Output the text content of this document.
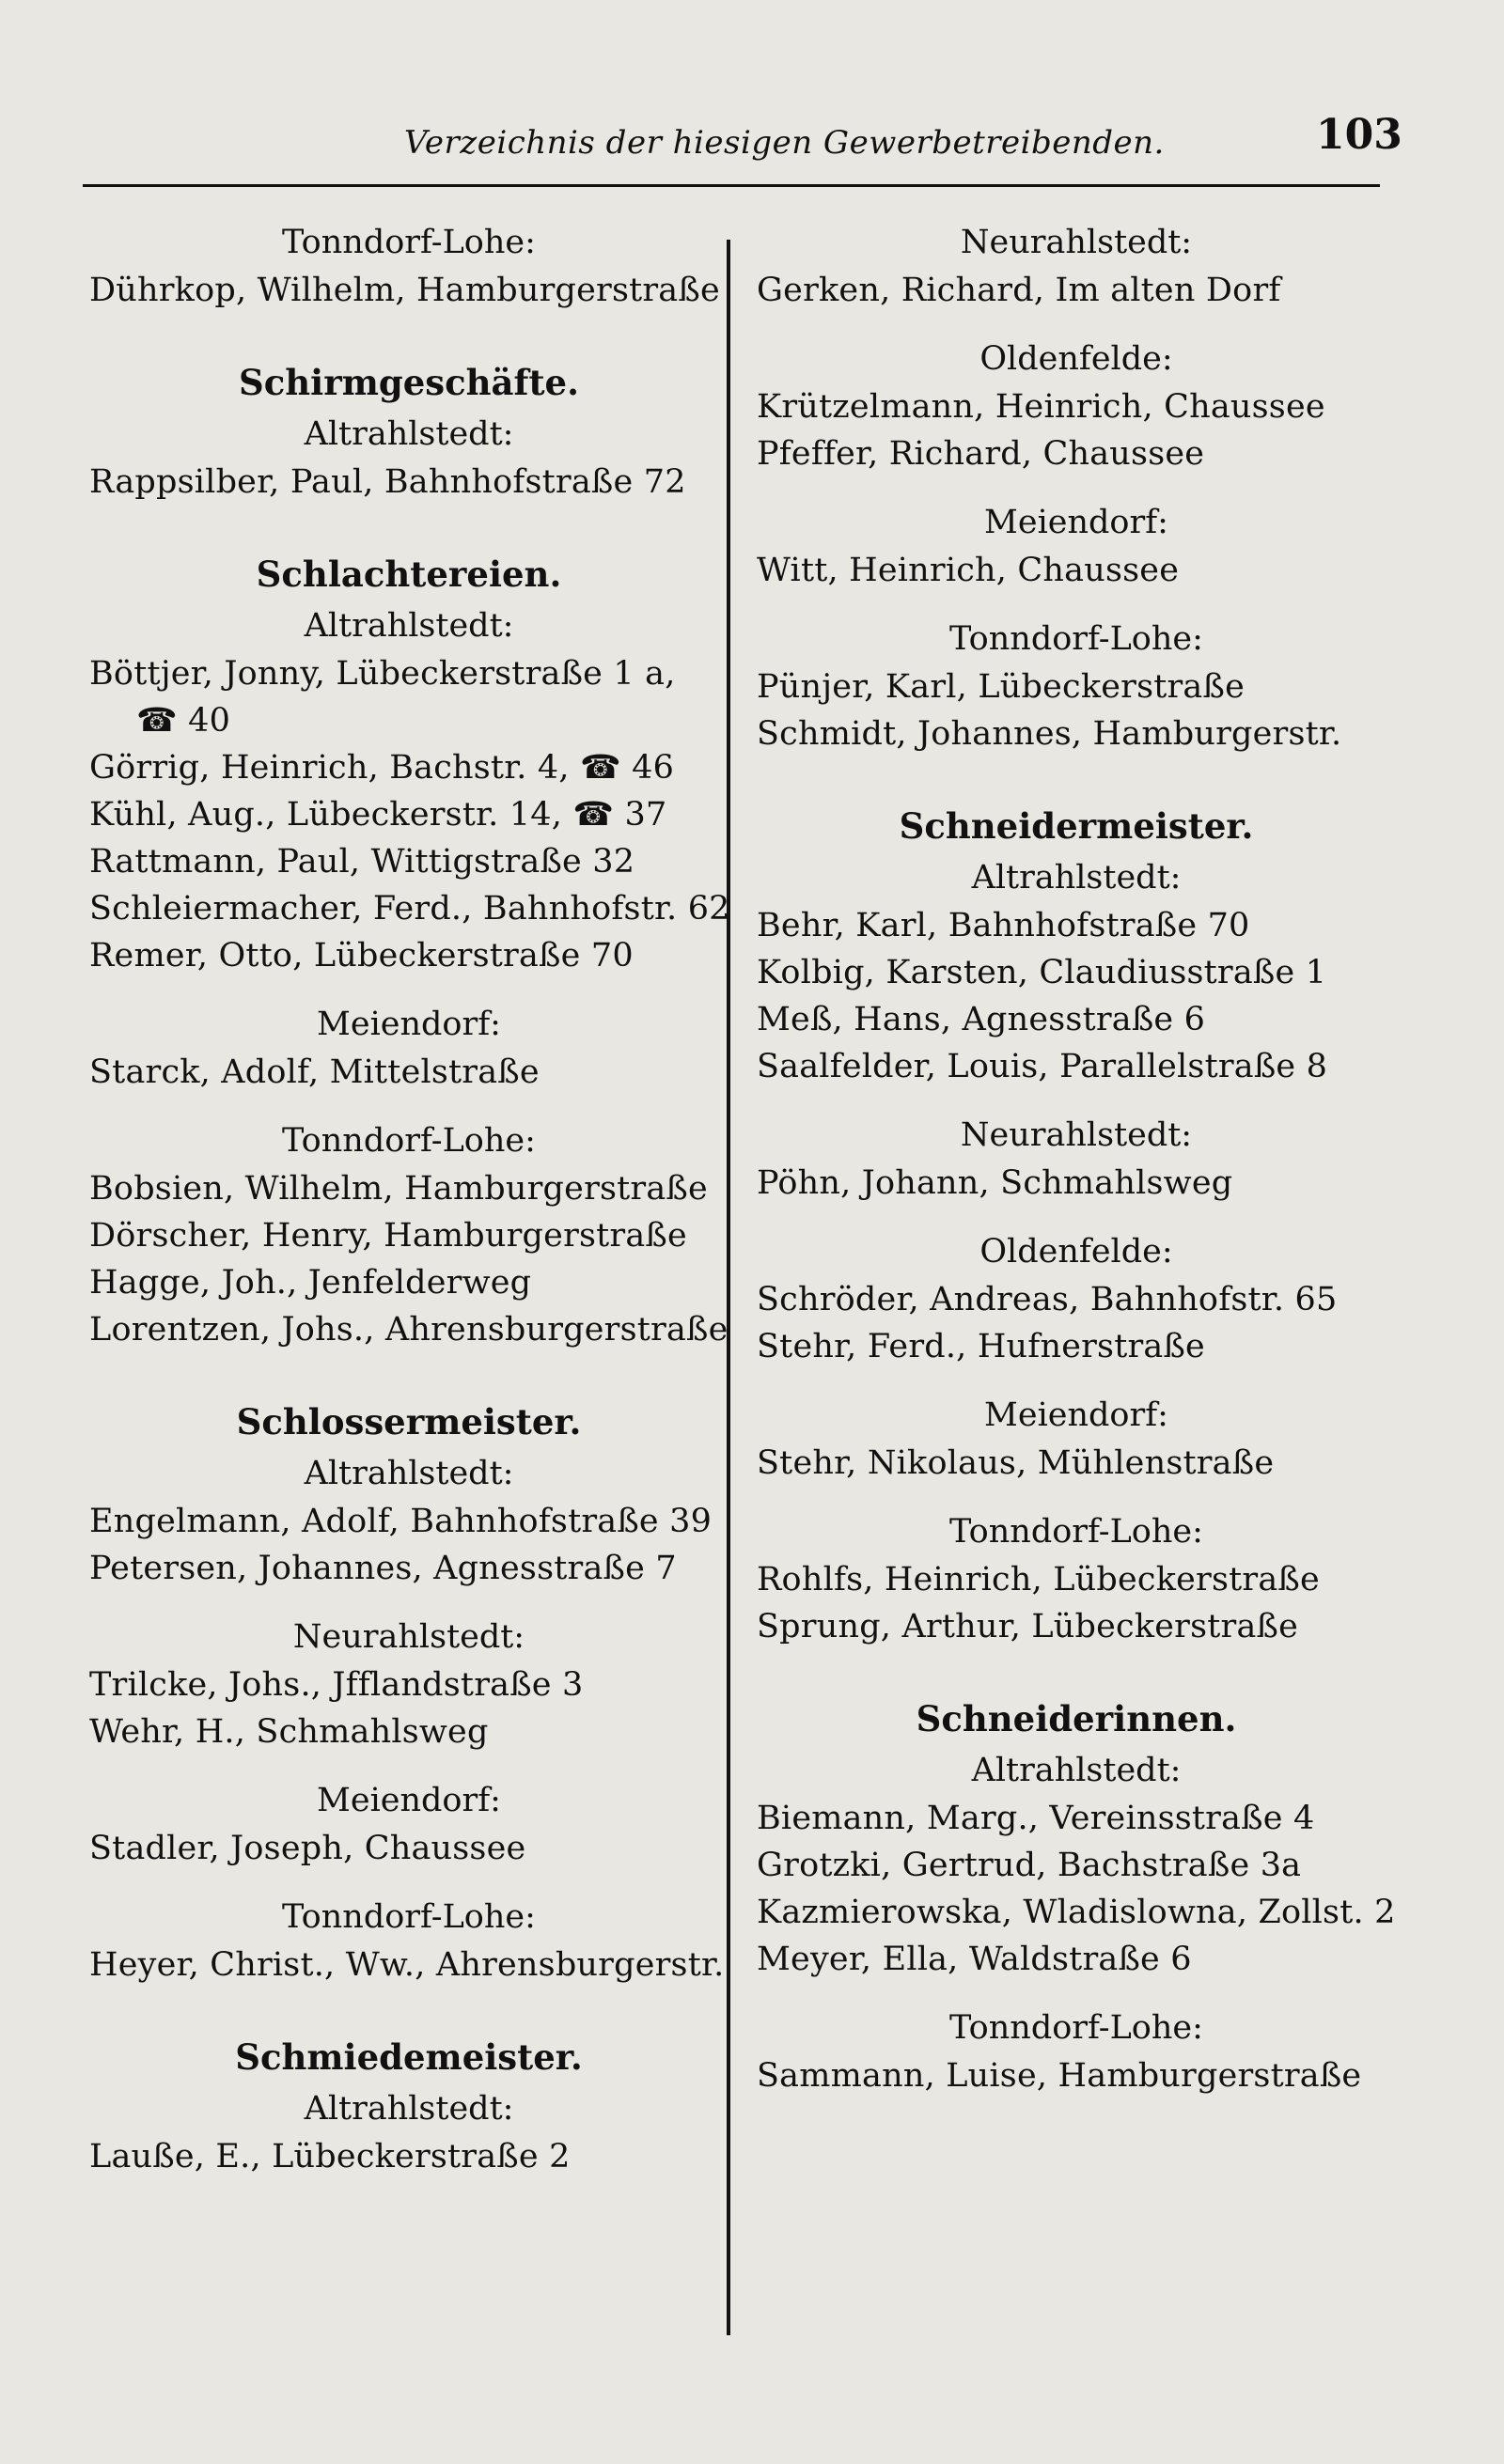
Verzeichnis der hiesigen Gewerbetreibenden.	103
Tonndorf-Lohe:
Dührkop, Wilhelm, Hamburgerstraße
Schirmgeschäfte.
Altrahlstedt:
Rappsilber, Paul, Bahnhofstraße 72
Schlachtereien.
Altrahlstedt:
Böttjer, Jonny, Lübeckerstraße 1 a,
☎ 40
Görrig, Heinrich, Bachstr. 4, ☎ 46
Kühl, Aug., Lübeckerstr. 14, ☎ 37
Rattmann, Paul, Wittigstraße 32
Schleiermacher, Ferd., Bahnhofstr. 62
Remer, Otto, Lübeckerstraße 70
Meiendorf:
Starck, Adolf, Mittelstraße
Tonndorf-Lohe:
Bobsien, Wilhelm, Hamburgerstraße
Dörscher, Henry, Hamburgerstraße
Hagge, Joh., Jenfelderweg
Lorentzen, Johs., Ahrensburgerstraße
Schlossermeister.
Altrahlstedt:
Engelmann, Adolf, Bahnhofstraße 39
Petersen, Johannes, Agnesstraße 7
Neurahlstedt:
Trilcke, Johs., Jfflandstraße 3
Wehr, H., Schmahlsweg
Meiendorf:
Stadler, Joseph, Chaussee
Tonndorf-Lohe:
Heyer, Christ., Ww., Ahrensburgerstr.
Schmiedemeister.
Altrahlstedt:
Lauße, E., Lübeckerstraße 2
Neurahlstedt:
Gerken, Richard, Im alten Dorf
Oldenfelde:
Krützelmann, Heinrich, Chaussee
Pfeffer, Richard, Chaussee
Meiendorf:
Witt, Heinrich, Chaussee
Tonndorf-Lohe:
Pünjer, Karl, Lübeckerstraße
Schmidt, Johannes, Hamburgerstr.
Schneidermeister.
Altrahlstedt:
Behr, Karl, Bahnhofstraße 70
Kolbig, Karsten, Claudiusstraße 1
Meß, Hans, Agnesstraße 6
Saalfelder, Louis, Parallelstraße 8
Neurahlstedt:
Pöhn, Johann, Schmahlsweg
Oldenfelde:
Schröder, Andreas, Bahnhofstr. 65
Stehr, Ferd., Hufnerstraße
Meiendorf:
Stehr, Nikolaus, Mühlenstraße
Tonndorf-Lohe:
Rohlfs, Heinrich, Lübeckerstraße
Sprung, Arthur, Lübeckerstraße
Schneiderinnen.
Altrahlstedt:
Biemann, Marg., Vereinsstraße 4
Grotzki, Gertrud, Bachstraße 3a
Kazmierowska, Wladislowna, Zollst. 2
Meyer, Ella, Waldstraße 6
Tonndorf-Lohe:
Sammann, Luise, Hamburgerstraße
